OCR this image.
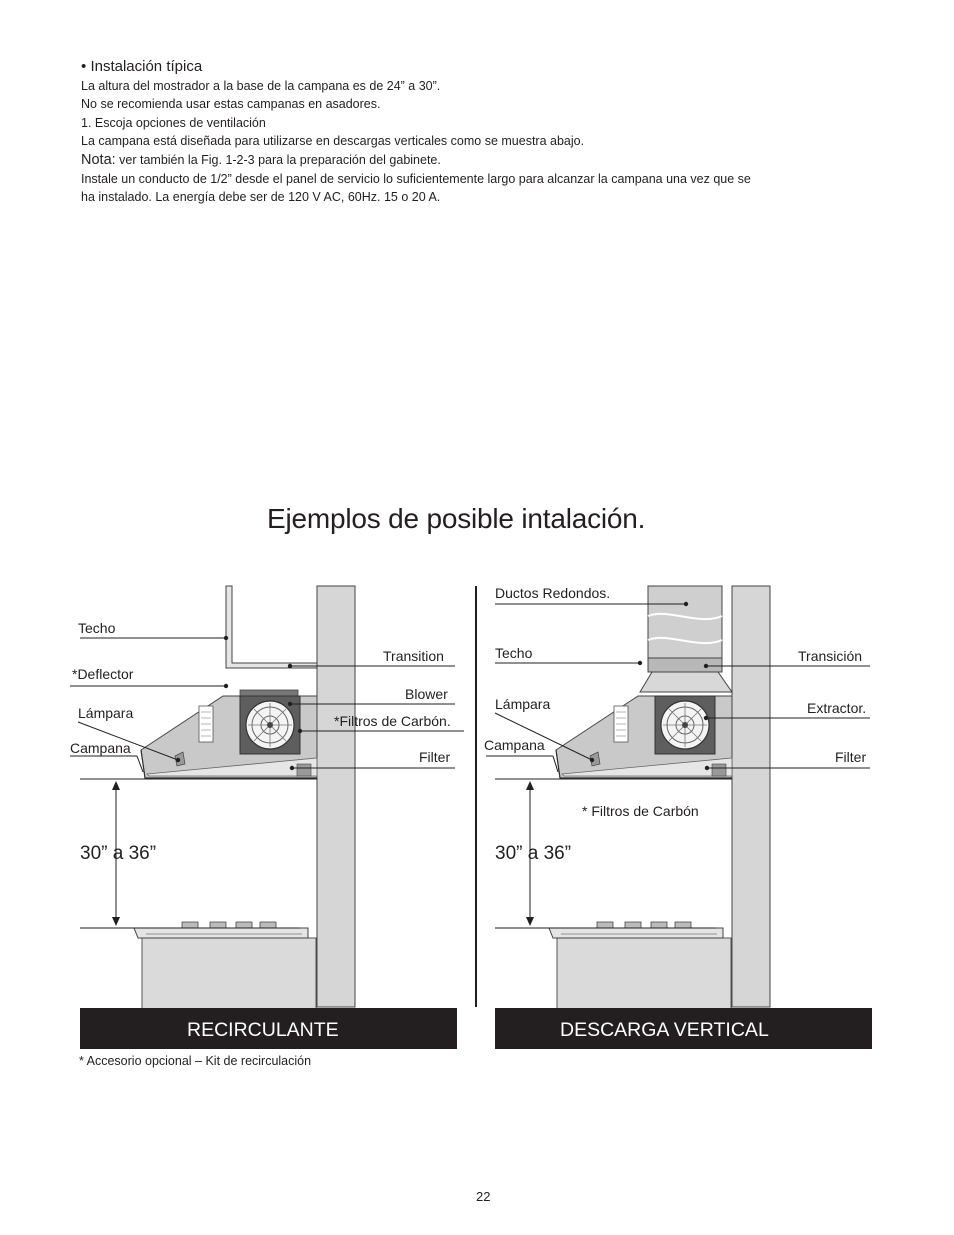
• Instalación típica
La altura del mostrador a la base de la campana es de 24” a 30”.
No se recomienda usar estas campanas en asadores.
1. Escoja opciones de ventilación
La campana está diseñada para utilizarse en descargas verticales como se muestra abajo.
Nota: ver también la Fig. 1-2-3 para la preparación del gabinete.
Instale un conducto de 1/2” desde el panel de servicio lo suficientemente largo para alcanzar la campana una vez que se
ha instalado. La energía debe ser de 120 V AC, 60Hz. 15 o 20 A.
Ejemplos de posible intalación.
Techo
*Deflector
Lámpara
Campana
Transition
Blower
*Filtros de Carbón.
Filter
30” a 36”
RECIRCULANTE
Ductos Redondos.
Techo
Lámpara
Campana
Transición
Extractor.
Filter
* Filtros de Carbón
30” a 36”
DESCARGA VERTICAL
* Accesorio opcional – Kit de recirculación
22
